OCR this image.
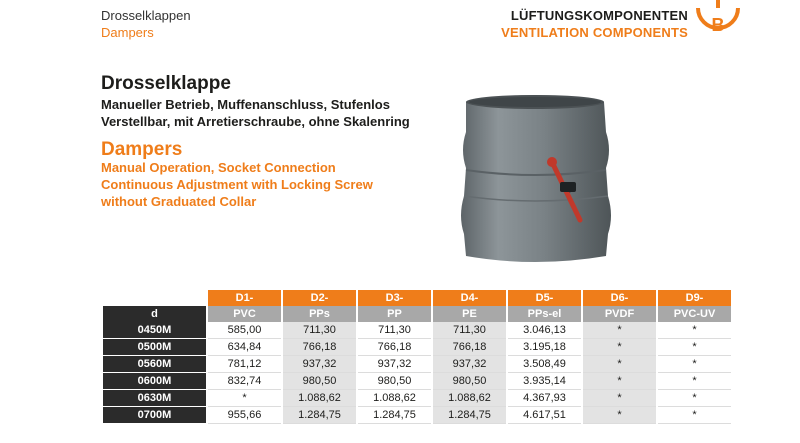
Drosselklappen
Dampers
LÜFTUNGSKOMPONENTEN
VENTILATION COMPONENTS B
Drosselklappe
Manueller Betrieb, Muffenanschluss, Stufenlos
Verstellbar, mit Arretierschraube, ohne Skalenring
Dampers
Manual Operation, Socket Connection
Continuous Adjustment with Locking Screw
without Graduated Collar
	D1-	D2-	D3-	D4-	D5-	D6-	D9-
d	PVC	PPs	PP	PE	PPs-el	PVDF	PVC-UV
0450M	585,00	711,30	711,30	711,30	3.046,13	*	*
0500M	634,84	766,18	766,18	766,18	3.195,18	*	*
0560M	781,12	937,32	937,32	937,32	3.508,49	*	*
0600M	832,74	980,50	980,50	980,50	3.935,14	*	*
0630M	*	1.088,62	1.088,62	1.088,62	4.367,93	*	*
0700M	955,66	1.284,75	1.284,75	1.284,75	4.617,51	*	*
